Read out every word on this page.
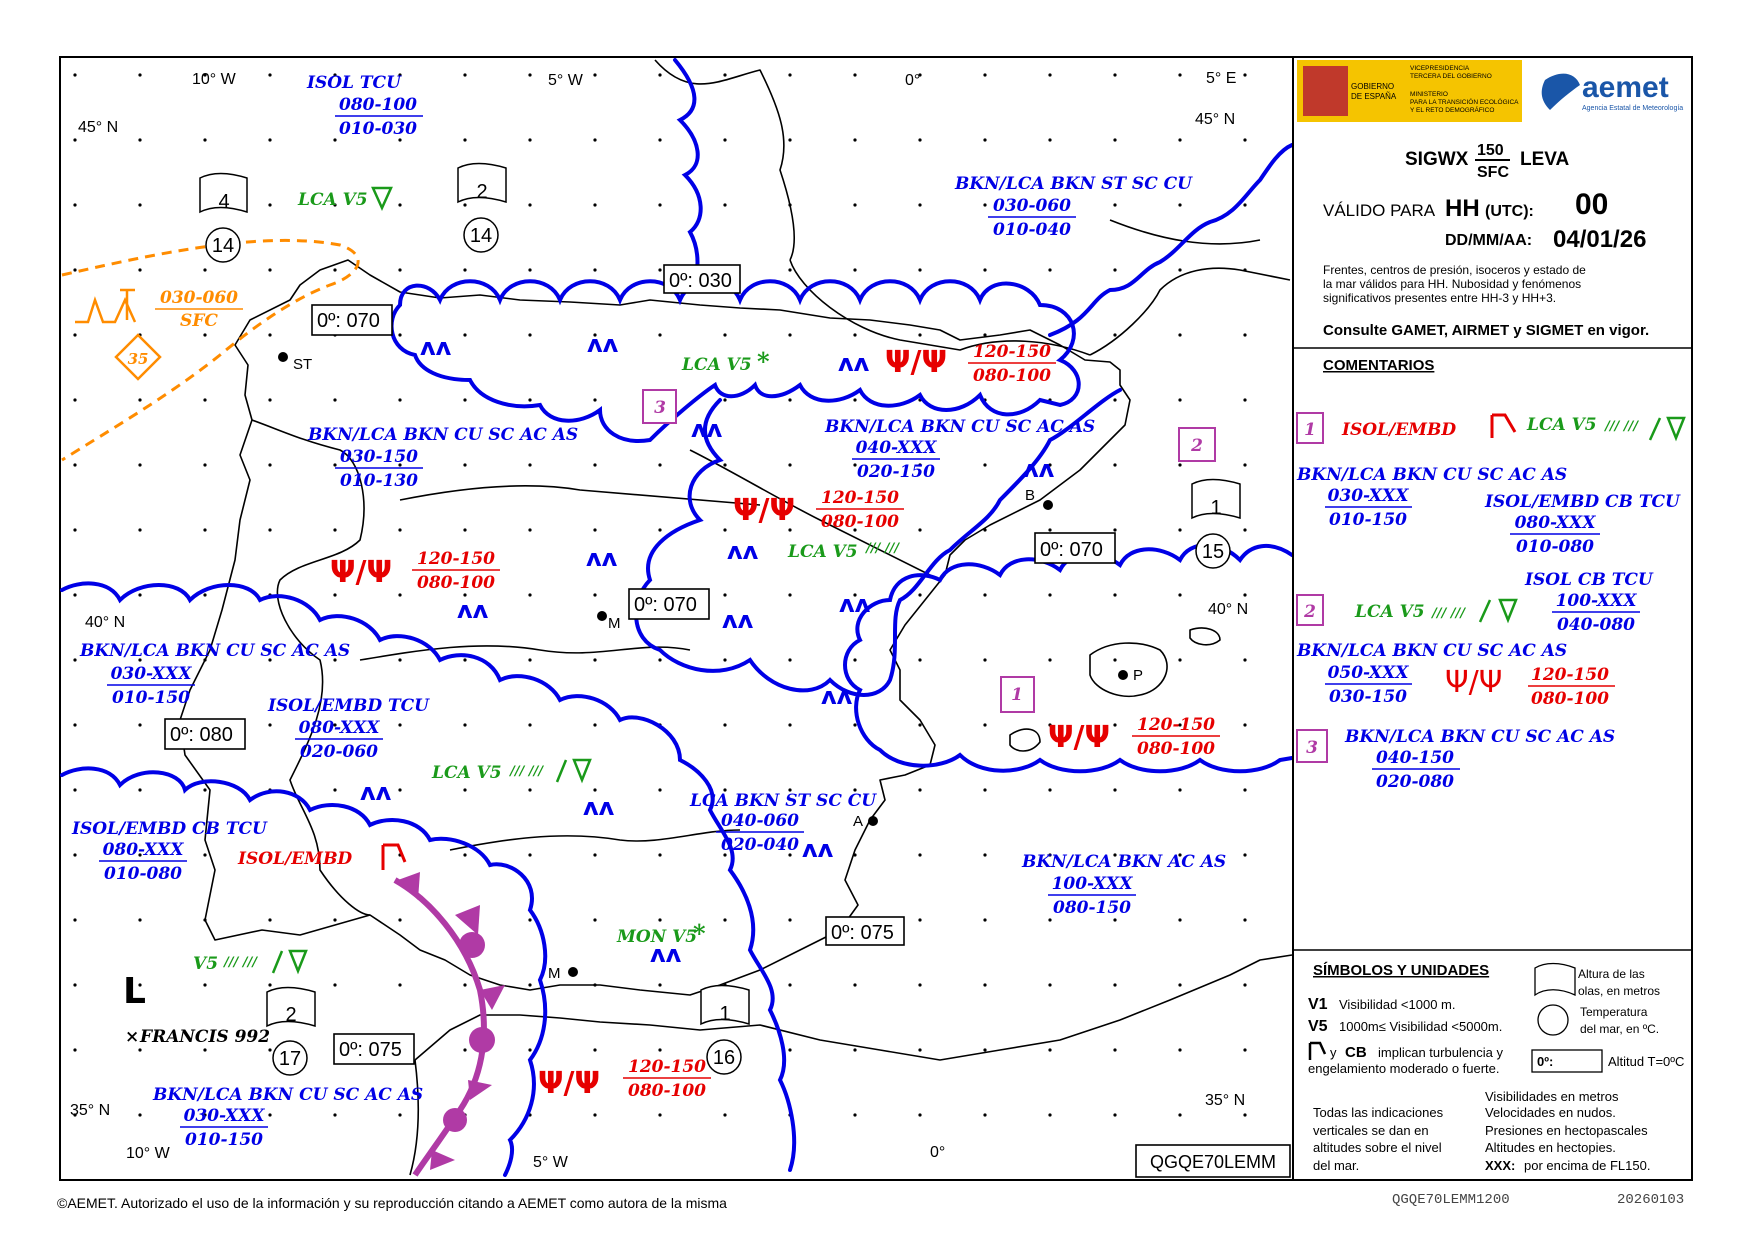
GOBIERNO
DE ESPAÑA
VICEPRESIDENCIA
TERCERA DEL GOBIERNO
MINISTERIO
PARA LA TRANSICIÓN ECOLÓGICA
Y EL RETO DEMOGRÁFICO
aemet
Agencia Estatal de Meteorología
SIGWX 150
SFC
LEVA
VÁLIDO PARA HH (UTC): 00
DD/MM/AA: 04/01/26
Frentes, centros de presión, isoceros y estado de
la mar válidos para HH. Nubosidad y fenómenos
significativos presentes entre HH-3 y HH+3.
Consulte GAMET, AIRMET y SIGMET en vigor.
COMENTARIOS
1 ISOL/EMBD	LCA V5 /// ///
BKN/LCA BKN CU SC AC AS
030-XXX
010-150
ISOL/EMBD CB TCU
080-XXX
010-080
2 LCA V5 /// ///
ISOL CB TCU
100-XXX
040-080
BKN/LCA BKN CU SC AC AS
050-XXX
030-150 Ψ/Ψ 120-150
080-100
3
BKN/LCA BKN CU SC AC AS
040-150
020-080
SÍMBOLOS Y UNIDADES	Altura de las
olas, en metros
V1 Visibilidad <1000 m.	Temperatura
del mar, en ºC.
V5 1000m≤ Visibilidad <5000m.
y CB implican turbulencia y
engelamiento moderado o fuerte.	0º:	Altitud T=0ºC
Visibilidades en metros
Todas las indicaciones	Velocidades en nudos.
verticales se dan en	Presiones en hectopascales
altitudes sobre el nivel	Altitudes en hectopies.
del mar.	XXX: por encima de FL150.
QGQE70LEMM
10° W	5° W	0°	5° E
45° N	45° N
40° N
40° N
35° N
35° N
10° W
5° W
0°
ST
M
M
B
P
A
0º: 030
0º: 070
0º: 070
0º: 070
0º: 080
0º: 075
0º: 075
4
14
2
14
1
15
2
17
1
16
3
2
1
ISOL TCU
080-100
010-030
LCA V5
BKN/LCA BKN ST SC CU
030-060
010-040
030-060
SFC
35	LCA V5 *	Ψ/Ψ 120-150
080-100
BKN/LCA BKN CU SC AC AS
030-150
010-130
BKN/LCA BKN CU SC AC AS
040-XXX
020-150
Ψ/Ψ 120-150
080-100
LCA V5 /// ///
Ψ/Ψ 120-150
080-100
BKN/LCA BKN CU SC AC AS
030-XXX
010-150	ISOL/EMBD TCU
080-XXX
020-060
LCA V5 /// ///
ISOL/EMBD CB TCU
080-XXX
010-080
ISOL/EMBD
LCA BKN ST SC CU
040-060
020-040
Ψ/Ψ 120-150
080-100
BKN/LCA BKN AC AS
100-XXX
080-150
MON V5
*
V5 /// ///
L
× FRANCIS 992
BKN/LCA BKN CU SC AC AS
030-XXX
010-150
Ψ/Ψ 120-150
080-100
ʌʌ	ʌʌ
ʌʌ
ʌʌ
ʌʌ
ʌʌ	ʌʌ
ʌʌ
ʌʌ	ʌʌ
ʌʌ
ʌʌ
ʌʌ
ʌʌ
ʌʌ
©AEMET. Autorizado el uso de la información y su reproducción citando a AEMET como autora de la misma	QGQE70LEMM1200	20260103
